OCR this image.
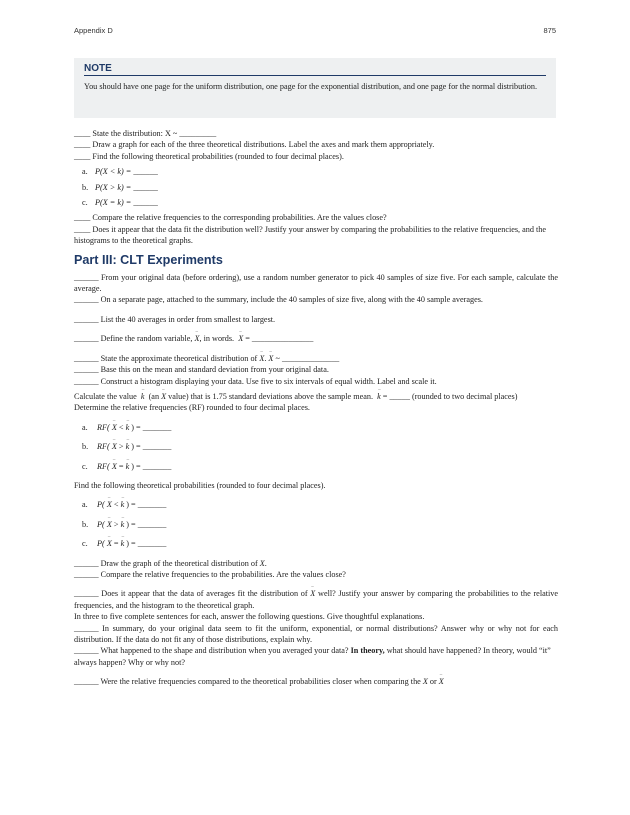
Appendix D	875
NOTE
You should have one page for the uniform distribution, one page for the exponential distribution, and one page for the normal distribution.

____ State the distribution: X ~ _________

____ Draw a graph for each of the three theoretical distributions. Label the axes and mark them appropriately.

____ Find the following theoretical probabilities (rounded to four decimal places).

a. P(X < k) = ______

b. P(X > k) = ______

c. P(X = k) = ______

____ Compare the relative frequencies to the corresponding probabilities. Are the values close?

____ Does it appear that the data fit the distribution well? Justify your answer by comparing the probabilities to the relative frequencies, and the histograms to the theoretical graphs.

Part III: CLT Experiments

______ From your original data (before ordering), use a random number generator to pick 40 samples of size five. For each sample, calculate the average.

______ On a separate page, attached to the summary, include the 40 samples of size five, along with the 40 sample averages.

______ List the 40 averages in order from smallest to largest.

______ Define the random variable, – X, in words. – X = _______________

______ State the approximate theoretical distribution of – X. – X ~ ______________

______ Base this on the mean and standard deviation from your original data.

______ Construct a histogram displaying your data. Use five to six intervals of equal width. Label and scale it.

Calculate the value – k (an – X value) that is 1.75 standard deviations above the sample mean. – k = _____ (rounded to two decimal places)

Determine the relative frequencies (RF) rounded to four decimal places.

a. RF( – X < – k ) = _______

b. RF( – X > – k ) = _______

c. RF( – X = – k ) = _______

Find the following theoretical probabilities (rounded to four decimal places).

a. P( – X < – k ) = _______

b. P( – X > – k ) = _______

c. P( – X = – k ) = _______

______ Draw the graph of the theoretical distribution of X.

______ Compare the relative frequencies to the probabilities. Are the values close?

______ Does it appear that the data of averages fit the distribution of – X well? Justify your answer by comparing the probabilities to the relative frequencies, and the histogram to the theoretical graph.

In three to five complete sentences for each, answer the following questions. Give thoughtful explanations.

______ In summary, do your original data seem to fit the uniform, exponential, or normal distributions? Answer why or why not for each distribution. If the data do not fit any of those distributions, explain why.

______ What happened to the shape and distribution when you averaged your data? In theory, what should have happened? In theory, would “it” always happen? Why or why not?

______ Were the relative frequencies compared to the theoretical probabilities closer when comparing the X or – X
